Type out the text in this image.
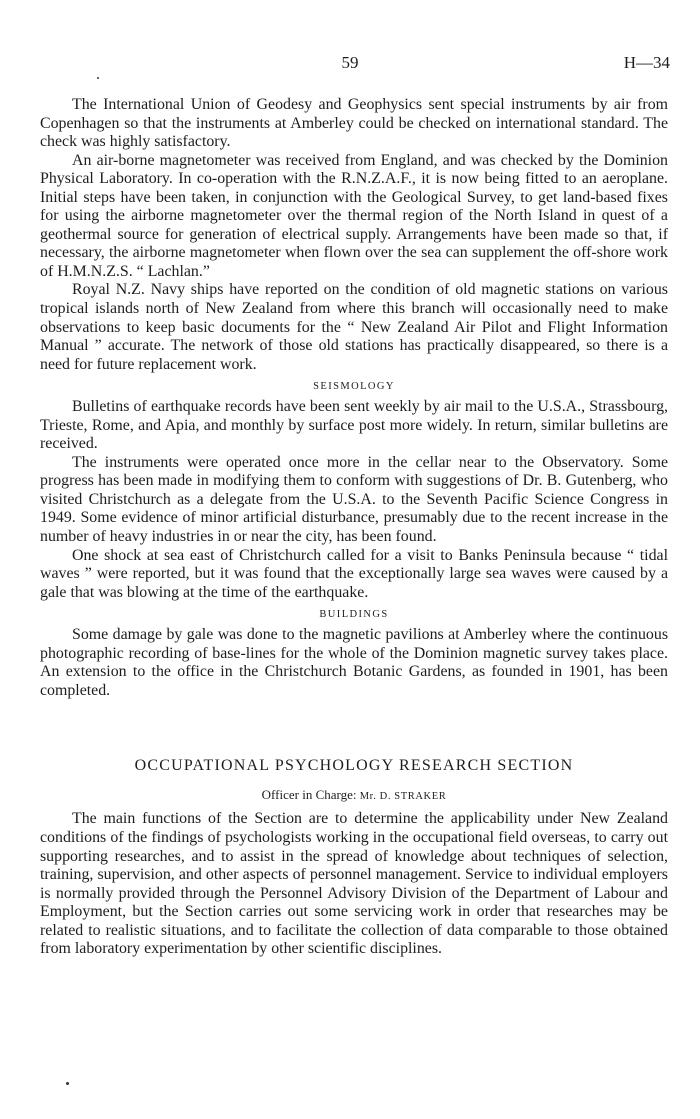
59	H—34

The International Union of Geodesy and Geophysics sent special instruments by air from Copenhagen so that the instruments at Amberley could be checked on international standard. The check was highly satisfactory.

An air-borne magnetometer was received from England, and was checked by the Dominion Physical Laboratory. In co-operation with the R.N.Z.A.F., it is now being fitted to an aeroplane. Initial steps have been taken, in conjunction with the Geological Survey, to get land-based fixes for using the airborne magnetometer over the thermal region of the North Island in quest of a geothermal source for generation of electrical supply. Arrangements have been made so that, if necessary, the airborne magnetometer when flown over the sea can supplement the off-shore work of H.M.N.Z.S. “ Lachlan.”

Royal N.Z. Navy ships have reported on the condition of old magnetic stations on various tropical islands north of New Zealand from where this branch will occasionally need to make observations to keep basic documents for the “ New Zealand Air Pilot and Flight Information Manual ” accurate. The network of those old stations has practically disappeared, so there is a need for future replacement work.

SEISMOLOGY

Bulletins of earthquake records have been sent weekly by air mail to the U.S.A., Strassbourg, Trieste, Rome, and Apia, and monthly by surface post more widely. In return, similar bulletins are received.

The instruments were operated once more in the cellar near to the Observatory. Some progress has been made in modifying them to conform with suggestions of Dr. B. Gutenberg, who visited Christchurch as a delegate from the U.S.A. to the Seventh Pacific Science Congress in 1949. Some evidence of minor artificial disturbance, presumably due to the recent increase in the number of heavy industries in or near the city, has been found.

One shock at sea east of Christchurch called for a visit to Banks Peninsula because “ tidal waves ” were reported, but it was found that the exceptionally large sea waves were caused by a gale that was blowing at the time of the earthquake.

BUILDINGS

Some damage by gale was done to the magnetic pavilions at Amberley where the continuous photographic recording of base-lines for the whole of the Dominion magnetic survey takes place. An extension to the office in the Christchurch Botanic Gardens, as founded in 1901, has been completed.

OCCUPATIONAL PSYCHOLOGY RESEARCH SECTION
Officer in Charge: Mr. D. STRAKER

The main functions of the Section are to determine the applicability under New Zealand conditions of the findings of psychologists working in the occupational field overseas, to carry out supporting researches, and to assist in the spread of knowledge about techniques of selection, training, supervision, and other aspects of personnel management. Service to individual employers is normally provided through the Personnel Advisory Division of the Department of Labour and Employment, but the Section carries out some servicing work in order that researches may be related to realistic situations, and to facilitate the collection of data comparable to those obtained from laboratory experimentation by other scientific disciplines.
